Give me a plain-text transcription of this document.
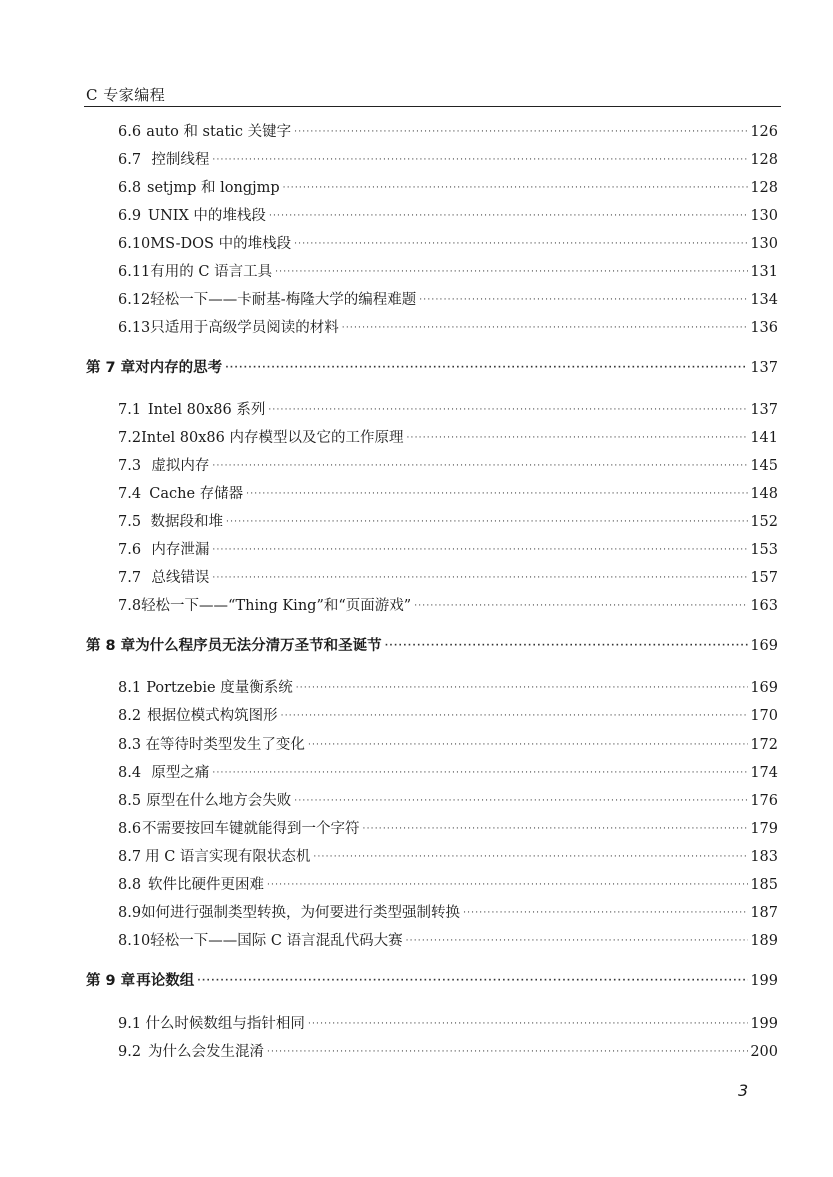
C 专家编程
6.6 auto 和 static 关键字 ·····	126
6.7 控制线程 ·····	128
6.8 setjmp 和 longjmp ·····	128
6.9 UNIX 中的堆栈段 ·····	130
6.10 MS-DOS 中的堆栈段 ·····	130
6.11 有用的 C 语言工具 ·····	131
6.12 轻松一下——卡耐基-梅隆大学的编程难题 ·····	134
6.13 只适用于高级学员阅读的材料 ·····	136
第 7 章 对内存的思考 ·····	137
7.1 Intel 80x86 系列 ·····	137
7.2 Intel 80x86 内存模型以及它的工作原理 ·····	141
7.3 虚拟内存 ·····	145
7.4 Cache 存储器 ·····	148
7.5 数据段和堆 ·····	152
7.6 内存泄漏 ·····	153
7.7 总线错误 ·····	157
7.8 轻松一下——“Thing King”和“页面游戏” ·····	163
第 8 章 为什么程序员无法分清万圣节和圣诞节 ·····	169
8.1 Portzebie 度量衡系统 ·····	169
8.2 根据位模式构筑图形 ·····	170
8.3 在等待时类型发生了变化 ·····	172
8.4 原型之痛 ·····	174
8.5 原型在什么地方会失败 ·····	176
8.6 不需要按回车键就能得到一个字符 ·····	179
8.7 用 C 语言实现有限状态机 ·····	183
8.8 软件比硬件更困难 ·····	185
8.9 如何进行强制类型转换，为何要进行类型强制转换 ·····	187
8.10 轻松一下——国际 C 语言混乱代码大赛 ·····	189
第 9 章 再论数组 ·····	199
9.1 什么时候数组与指针相同 ·····	199
9.2 为什么会发生混淆 ·····	200
3
